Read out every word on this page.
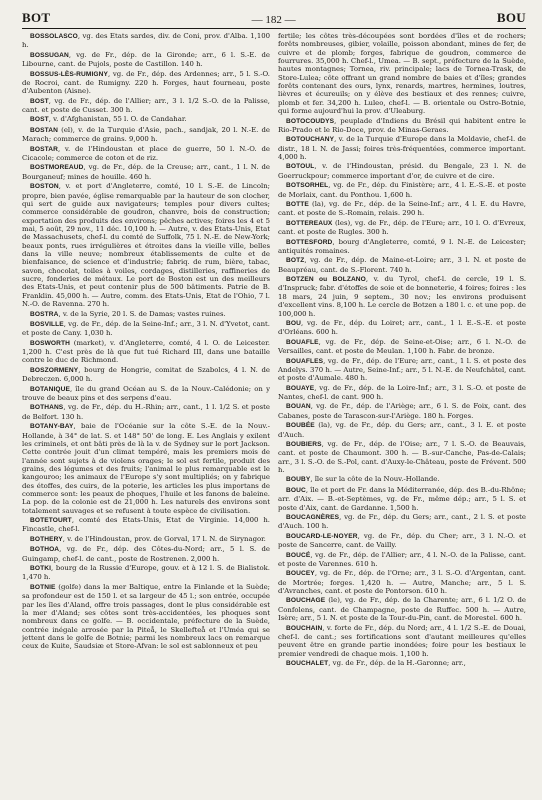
BOT	— 182 —	BOU

BOSSOLASCO, vg. des Etats sardes, div. de Coni, prov. d'Alba. 1,100 h.

BOSSUGAN, vg. de Fr., dép. de la Gironde; arr., 6 l. S.-E. de Libourne, cant. de Pujols, poste de Castillon. 140 h.

BOSSUS-LÈS-RUMIGNY, vg. de Fr., dép. des Ardennes; arr., 5 l. S.-O. de Rocroi, cant. de Rumigny. 220 h. Forges, haut fourneau, poste d'Aubenton (Aisne).

BOST, vg. de Fr., dép. de l'Allier; arr., 3 l. 1/2 S.-O. de la Palisse, cant. et poste de Cusset. 300 h.

BOST, v. d'Afghanistan, 55 l. O. de Candahar.

BOSTAN (el), v. de la Turquie d'Asie, pach., sandjak, 20 l. N.-E. de Marach; commerce de grains. 9,000 h.

BOSTAR, v. de l'Hindoustan et place de guerre, 50 l. N.-O. de Cicacole; commerce de coton et de riz.

BOSTMOREAUD, vg. de Fr., dép. de la Creuse; arr., cant., 1 l. N. de Bourganeuf; mines de houille. 460 h.

BOSTON, v. et port d'Angleterre, comté, 10 l. S.-E. de Lincoln; propre, bien pavée, église remarquable par la hauteur de son clocher, qui sert de guide aux navigateurs; temples pour divers cultes; commerce considérable de goudron, chanvre, bois de construction; exportation des produits des environs; pêches actives; foires les 4 et 5 mai, 5 août, 29 nov., 11 déc. 10,100 h. — Autre, v. des Etats-Unis, Etat de Massachusets, chef-l. du comté de Suffolk, 75 l. N.-E. de New-York; beaux ponts, rues irrégulières et étroites dans la vieille ville, belles dans la ville neuve; nombreux établissements de culte et de bienfaisance, de science et d'industrie; fabriq. de rum, bière, tabac, savon, chocolat, toiles à voiles, cordages, distilleries, raffineries de sucre, fonderies de métaux. Le port de Boston est un des meilleurs des Etats-Unis, et peut contenir plus de 500 bâtiments. Patrie de B. Franklin. 45,000 h. — Autre, comm. des Etats-Unis, Etat de l'Ohio, 7 l. N.-O. de Ravenna. 270 h.

BOSTRA, v. de la Syrie, 20 l. S. de Damas; vastes ruines.

BOSVILLE, vg. de Fr., dép. de la Seine-Inf.; arr., 3 l. N. d'Yvetot, cant. et poste de Cany. 1,030 h.

BOSWORTH (market), v. d'Angleterre, comté, 4 l. O. de Leicester. 1,200 h. C'est près de là que fut tué Richard III, dans une bataille contre le duc de Richmond.

BOSZORMENY, bourg de Hongrie, comitat de Szabolcs, 4 l. N. de Debreczen. 6,000 h.

BOTANIQUE, île du grand Océan au S. de la Nouv.-Calédonie; on y trouve de beaux pins et des serpens d'eau.

BOTHANS, vg. de Fr., dép. du H.-Rhin; arr., cant., 1 l. 1/2 S. et poste de Belfort. 130 h.

BOTANY-BAY, baie de l'Océanie sur la côte S.-E. de la Nouv.-Hollande, à 34° de lat. S. et 148° 50' de long. E. Les Anglais y exilent les criminels, et ont bâti près de là la v. de Sydney sur le port Jackson. Cette contrée jouit d'un climat tempéré, mais les premiers mois de l'année sont sujets à de violens orages; le sol est fertile, produit des grains, des légumes et des fruits; l'animal le plus remarquable est le kangouroo; les animaux de l'Europe s'y sont multipliés; on y fabrique des étoffes, des cuirs, de la poterie, les articles les plus importans de commerce sont: les peaux de phoques, l'huile et les fanons de baleine. La pop. de la colonie est de 21,000 h. Les naturels des environs sont totalement sauvages et se refusent à toute espèce de civilisation.

BOTETOURT, comté des Etats-Unis, Etat de Virginie. 14,000 h. Fincastle, chef-l.

BOTHERY, v. de l'Hindoustan, prov. de Gorval, 17 l. N. de Sirynagor.

BOTHOA, vg. de Fr., dép. des Côtes-du-Nord; arr., 5 l. S. de Guingamp, chef-l. de cant., poste de Rostrenen. 2,000 h.

BOTKI, bourg de la Russie d'Europe, gouv. et à 12 l. S. de Bialistok. 1,470 h.

BOTNIE (golfe) dans la mer Baltique, entre la Finlande et la Suède; sa profondeur est de 150 l. et sa largeur de 45 l.; son entrée, occupée par les îles d'Aland, offre trois passages, dont le plus considérable est la mer d'Aland; ses côtes sont très-accidentées, les phoques sont nombreux dans ce golfe. — B. occidentale, préfecture de la Suède, contrée inégale arrosée par la Piteå, le Skellefteå et l'Uméa qui se jettent dans le golfe de Botnie; parmi les nombreux lacs on remarque ceux de Kuite, Saudsiæ et Store-Afvan: le sol est sablonneux et peu

fertile; les côtes très-découpées sont bordées d'îles et de rochers; forêts nombreuses, gibier, volaille, poisson abondant, mines de fer, de cuivre et de plomb; forges, fabrique de goudron, commerce de fourrures. 35,000 h. Chef-l., Umea. — B. sept., préfecture de la Suède, hautes montagnes; Tornea, riv. principale; lacs de Tornea-Trask, de Store-Lulea; côte offrant un grand nombre de baies et d'îles; grandes forêts contenant des ours, lynx, renards, martres, hermines, loutres, lièvres et écureuils; on y élève des bestiaux et des rennes; cuivre, plomb et fer. 34,200 h. Luleo, chef-l. — B. orientale ou Ostro-Botnie, qui forme aujourd'hui la prov. d'Uleaburg.

BOTOCOUDYS, peuplade d'Indiens du Brésil qui habitent entre le Rio-Prado et le Rio-Doce, prov. de Minas-Geraes.

BOTOUCHANY, v. de la Turquie d'Europe dans la Moldavie, chef-l. de distr., 18 l. N. de Jassi; foires très-fréquentées, commerce important. 4,000 h.

BOTOUL, v. de l'Hindoustan, présid. du Bengale, 23 l. N. de Goerruckpour; commerce important d'or, de cuivre et de cire.

BOTSORHEL, vg. de Fr., dép. du Finistère; arr., 4 l. E.-S.-E. et poste de Morlaix, cant. du Ponthou. 1,600 h.

BOTTE (la), vg. de Fr., dép. de la Seine-Inf.; arr., 4 l. E. du Havre, cant. et poste de S.-Romain, relais. 290 h.

BOTTEREAUX (les), vg. de Fr., dép. de l'Eure; arr., 10 l. O. d'Evreux, cant. et poste de Rugles. 300 h.

BOTTESFORD, bourg d'Angleterre, comté, 9 l. N.-E. de Leicester; antiquités romaines.

BOTZ, vg. de Fr., dép. de Maine-et-Loire; arr., 3 l. N. et poste de Beaupréau, cant. de S.-Florent. 740 h.

BOTZEN ou BOLZANO, v. du Tyrol, chef-l. de cercle, 19 l. S. d'Inspruck; fabr. d'étoffes de soie et de bonneterie, 4 foires; foires : les 18 mars, 24 juin, 9 septem., 30 nov.; les environs produisent d'excellent vins. 8,100 h. Le cercle de Botzen a 180 l. c. et une pop. de 100,000 h.

BOU, vg. de Fr., dép. du Loiret; arr., cant., 1 l. E.-S.-E. et poste d'Orléans. 600 h.

BOUAFLE, vg. de Fr., dép. de Seine-et-Oise; arr., 6 l. N.-O. de Versailles, cant. et poste de Meulan. 1,100 h. Fabr. de bronze.

BOUAFLES, vg. de Fr., dép. de l'Eure; arr., cant., 1 l. S. et poste des Andelys. 370 h. — Autre, Seine-Inf.; arr., 5 l. N.-E. de Neufchâtel, cant. et poste d'Aumale. 480 h.

BOUAYE, vg. de Fr., dép. de la Loire-Inf.; arr., 3 l. S.-O. et poste de Nantes, chef-l. de cant. 900 h.

BOUAN, vg. de Fr., dép. de l'Ariège; arr., 6 l. S. de Foix, cant. des Cabanes, poste de Tarascon-sur-l'Ariège. 180 h. Forges.

BOUBÉE (la), vg. de Fr., dép. du Gers; arr., cant., 3 l. E. et poste d'Auch.

BOUBIERS, vg. de Fr., dép. de l'Oise; arr., 7 l. S.-O. de Beauvais, cant. et poste de Chaumont. 300 h. — B.-sur-Canche, Pas-de-Calais; arr., 3 l. S.-O. de S.-Pol, cant. d'Auxy-le-Château, poste de Frévent. 500 h.

BOUBY, île sur la côte de la Nouv.-Hollande.

BOUC, île et port de Fr. dans la Méditerranée, dép. des B.-du-Rhône; arr. d'Aix. — B.-et-Septèmes, vg. de Fr., même dép.; arr., 5 l. S. et poste d'Aix, cant. de Gardanne. 1,500 h.

BOUCAGNÈRES, vg. de Fr., dép. du Gers; arr., cant., 2 l. S. et poste d'Auch. 100 h.

BOUCARD-LE-NOYER, vg. de Fr., dép. du Cher; arr., 3 l. N.-O. et poste de Sancerre, cant. de Vailly.

BOUCÉ, vg. de Fr., dép. de l'Allier; arr., 4 l. N.-O. de la Palisse, cant. et poste de Varennes. 610 h.

BOUCEY, vg. de Fr., dép. de l'Orne; arr., 3 l. S.-O. d'Argentan, cant. de Mortrée; forges. 1,420 h. — Autre, Manche; arr., 5 l. S. d'Avranches, cant. et poste de Pontorson. 610 h.

BOUCHAGE (le), vg. de Fr., dép. de la Charente; arr., 6 l. 1/2 O. de Confolens, cant. de Champagne, poste de Ruffec. 500 h. — Autre, Isère; arr., 5 l. N. et poste de la Tour-du-Pin, cant. de Morestel. 600 h.

BOUCHAIN, v. forte de Fr., dép. du Nord; arr., 4 l. 1/2 S.-E. de Douai, chef-l. de cant.; ses fortifications sont d'autant meilleures qu'elles peuvent être en grande partie inondées; foire pour les bestiaux le premier vendredi de chaque mois. 1,100 h.

BOUCHALET, vg. de Fr., dép. de la H.-Garonne; arr.,
